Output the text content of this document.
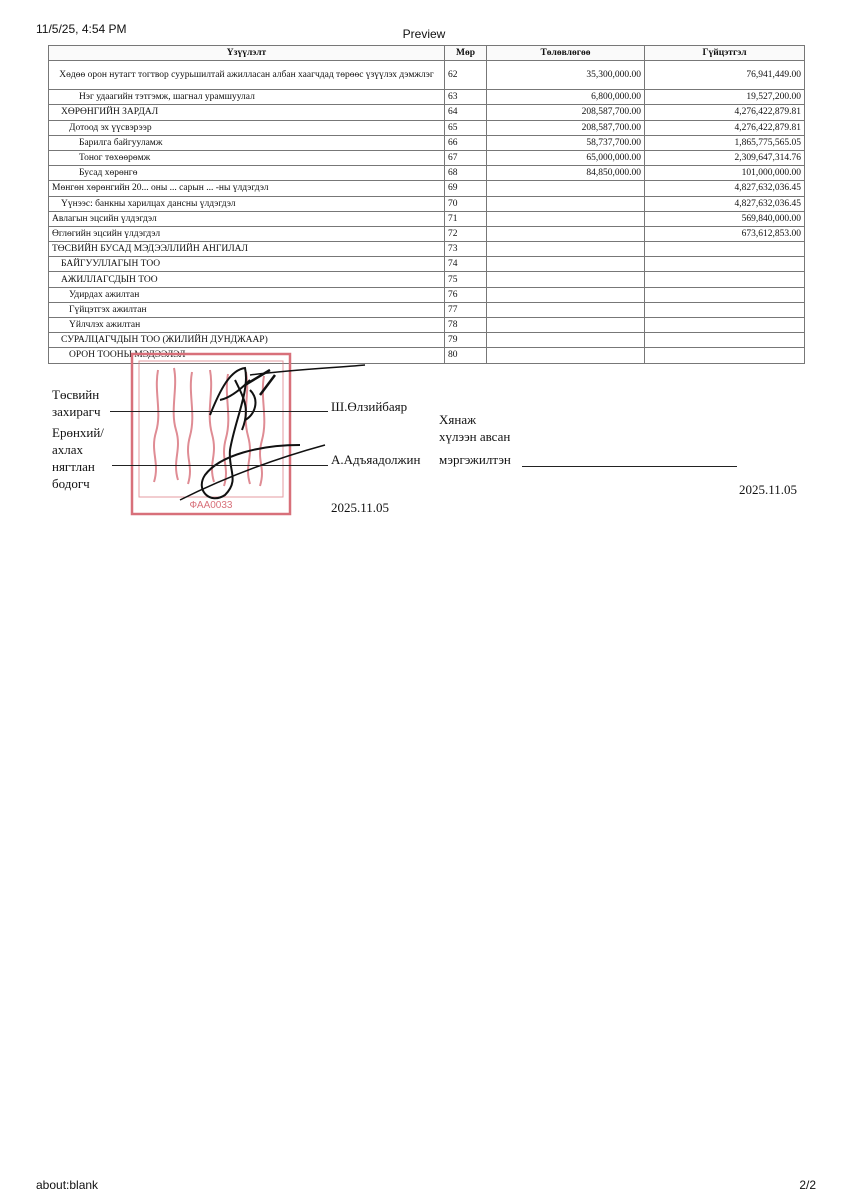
11/5/25, 4:54 PM	Preview
Үзүүлэлт	Мөр	Төлөвлөгөө	Гүйцэтгэл
Хөдөө орон нутагт тогтвор суурьшилтай ажилласан албан хаагчдад төрөөс үзүүлэх дэмжлэг	62	35,300,000.00	76,941,449.00
Нэг удаагийн тэтгэмж, шагнал урамшуулал	63	6,800,000.00	19,527,200.00
ХӨРӨНГИЙН ЗАРДАЛ	64	208,587,700.00	4,276,422,879.81
Дотоод эх үүсвэрээр	65	208,587,700.00	4,276,422,879.81
Барилга байгууламж	66	58,737,700.00	1,865,775,565.05
Тоног төхөөрөмж	67	65,000,000.00	2,309,647,314.76
Бусад хөрөнгө	68	84,850,000.00	101,000,000.00
Мөнгөн хөрөнгийн 20... оны ... сарын ... -ны үлдэгдэл	69		4,827,632,036.45
Үүнээс: банкны харилцах дансны үлдэгдэл	70		4,827,632,036.45
Авлагын эцсийн үлдэгдэл	71		569,840,000.00
Өглөгийн эцсийн үлдэгдэл	72		673,612,853.00
ТӨСВИЙН БУСАД МЭДЭЭЛЛИЙН АНГИЛАЛ	73		
БАЙГУУЛЛАГЫН ТОО	74		
АЖИЛЛАГСДЫН ТОО	75		
Удирдах ажилтан	76		
Гүйцэтгэх ажилтан	77		
Үйлчлэх ажилтан	78		
СУРАЛЦАГЧДЫН ТОО (ЖИЛИЙН ДУНДЖААР)	79		
ОРОН ТООНЫ МЭДЭЭЛЭЛ	80		
ФАА0033
Төсвийн
захирагч	Ш.Өлзийбаяр
Ерөнхий/
ахлах
нягтлан
бодогч
А.Адъяадолжин
2025.11.05
Хянаж
хүлээн авсан
мэргэжилтэн
2025.11.05
about:blank	2/2
